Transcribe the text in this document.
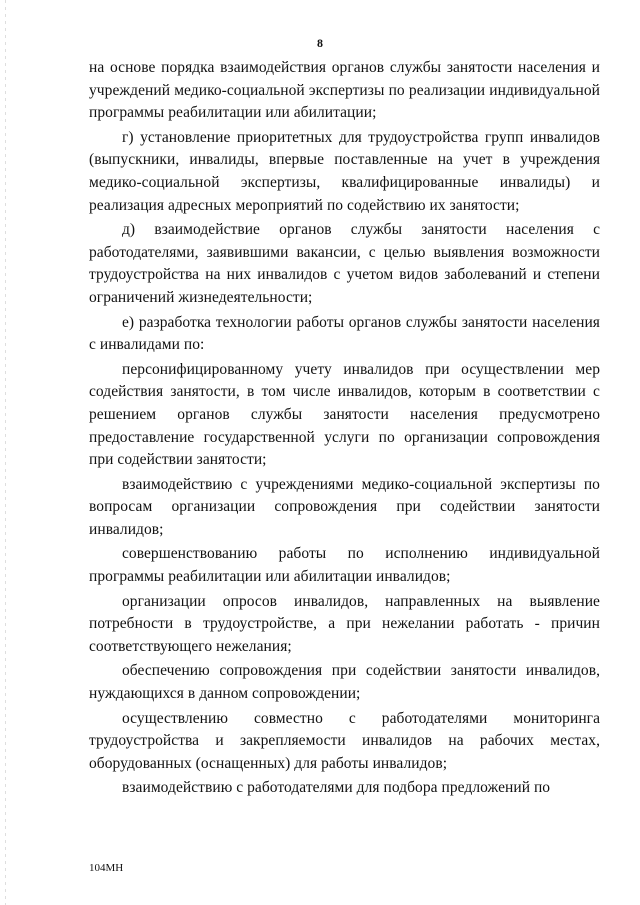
8

на основе порядка взаимодействия органов службы занятости населения и учреждений медико-социальной экспертизы по реализации индивидуальной программы реабилитации или абилитации;

г) установление приоритетных для трудоустройства групп инвалидов (выпускники, инвалиды, впервые поставленные на учет в учреждения медико-социальной экспертизы, квалифицированные инвалиды) и реализация адресных мероприятий по содействию их занятости;

д) взаимодействие органов службы занятости населения с работодателями, заявившими вакансии, с целью выявления возможности трудоустройства на них инвалидов с учетом видов заболеваний и степени ограничений жизнедеятельности;

е) разработка технологии работы органов службы занятости населения с инвалидами по:

персонифицированному учету инвалидов при осуществлении мер содействия занятости, в том числе инвалидов, которым в соответствии с решением органов службы занятости населения предусмотрено предоставление государственной услуги по организации сопровождения при содействии занятости;

взаимодействию с учреждениями медико-социальной экспертизы по вопросам организации сопровождения при содействии занятости инвалидов;

совершенствованию работы по исполнению индивидуальной программы реабилитации или абилитации инвалидов;

организации опросов инвалидов, направленных на выявление потребности в трудоустройстве, а при нежелании работать - причин соответствующего нежелания;

обеспечению сопровождения при содействии занятости инвалидов, нуждающихся в данном сопровождении;

осуществлению совместно с работодателями мониторинга трудоустройства и закрепляемости инвалидов на рабочих местах, оборудованных (оснащенных) для работы инвалидов;

взаимодействию с работодателями для подбора предложений по

104МН
